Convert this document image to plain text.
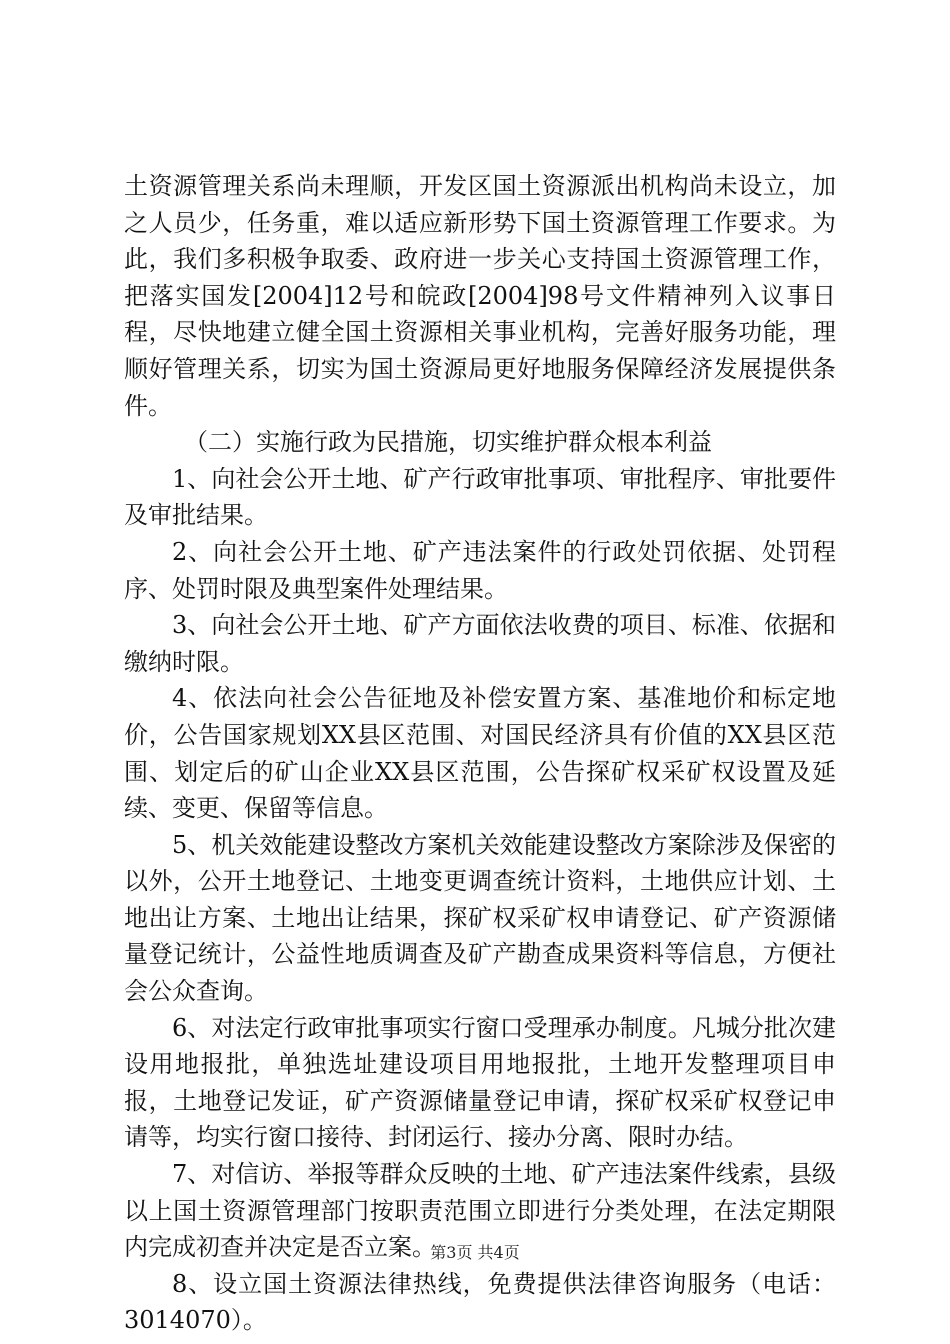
土资源管理关系尚未理顺，开发区国土资源派出机构尚未设立，加之人员少，任务重，难以适应新形势下国土资源管理工作要求。为此，我们多积极争取委、政府进一步关心支持国土资源管理工作，把落实国发[2004]12号和皖政[2004]98号文件精神列入议事日程，尽快地建立健全国土资源相关事业机构，完善好服务功能，理顺好管理关系，切实为国土资源局更好地服务保障经济发展提供条件。

（二）实施行政为民措施，切实维护群众根本利益

1、向社会公开土地、矿产行政审批事项、审批程序、审批要件及审批结果。

2、向社会公开土地、矿产违法案件的行政处罚依据、处罚程序、处罚时限及典型案件处理结果。

3、向社会公开土地、矿产方面依法收费的项目、标准、依据和缴纳时限。

4、依法向社会公告征地及补偿安置方案、基准地价和标定地价，公告国家规划XX县区范围、对国民经济具有价值的XX县区范围、划定后的矿山企业XX县区范围，公告探矿权采矿权设置及延续、变更、保留等信息。

5、机关效能建设整改方案机关效能建设整改方案除涉及保密的以外，公开土地登记、土地变更调查统计资料，土地供应计划、土地出让方案、土地出让结果，探矿权采矿权申请登记、矿产资源储量登记统计，公益性地质调查及矿产勘查成果资料等信息，方便社会公众查询。

6、对法定行政审批事项实行窗口受理承办制度。凡城分批次建设用地报批，单独选址建设项目用地报批，土地开发整理项目申报，土地登记发证，矿产资源储量登记申请，探矿权采矿权登记申请等，均实行窗口接待、封闭运行、接办分离、限时办结。

7、对信访、举报等群众反映的土地、矿产违法案件线索，县级以上国土资源管理部门按职责范围立即进行分类处理，在法定期限内完成初查并决定是否立案。

8、设立国土资源法律热线，免费提供法律咨询服务（电话：3014070）。

第3页 共4页
